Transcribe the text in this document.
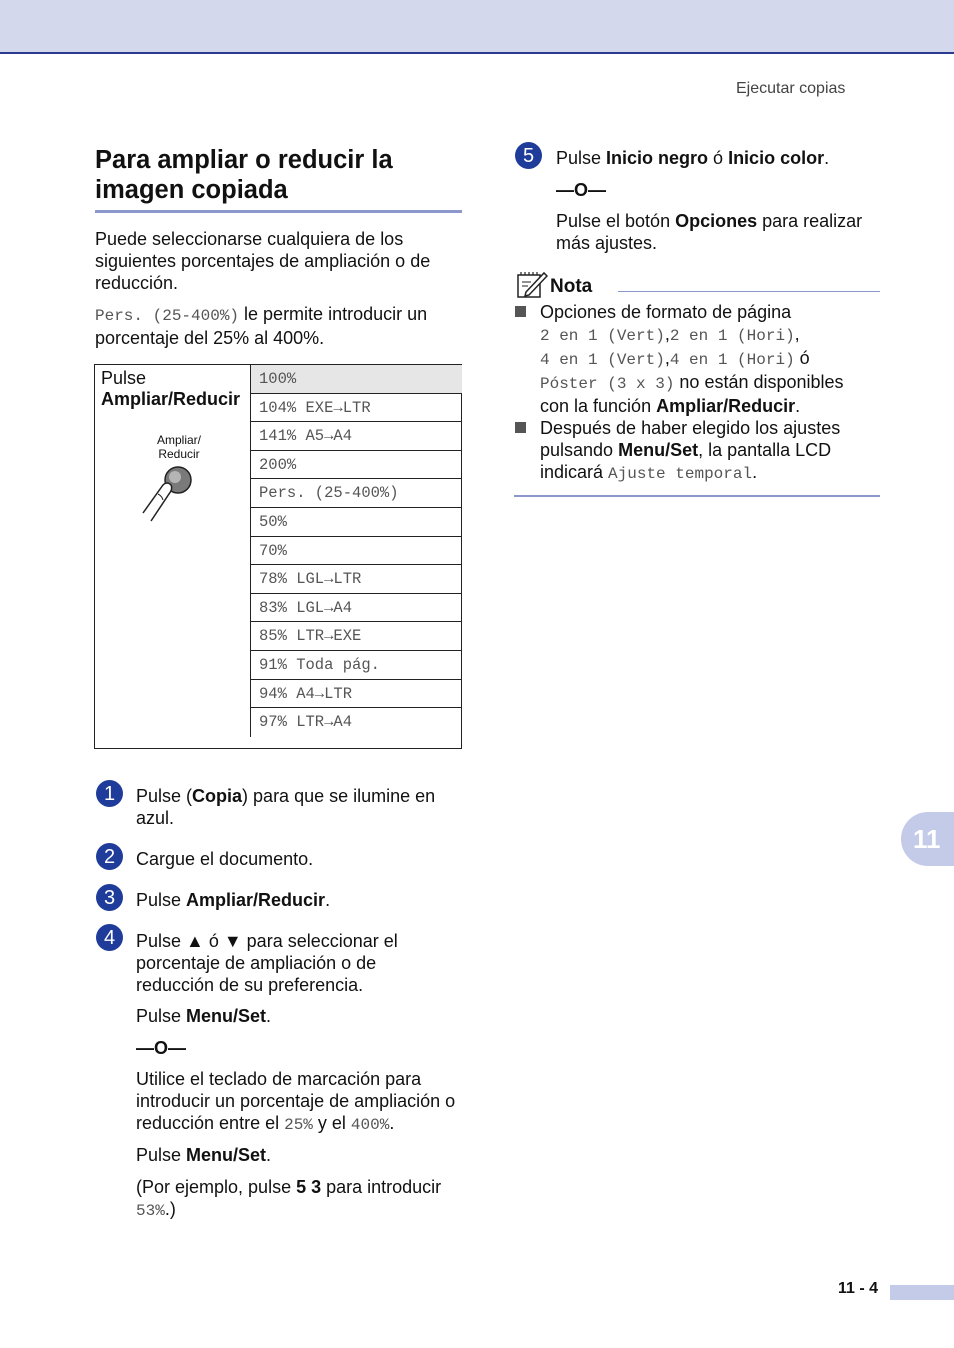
Ejecutar copias
Para ampliar o reducir la imagen copiada
Puede seleccionarse cualquiera de los siguientes porcentajes de ampliación o de reducción.
Pers. (25-400%) le permite introducir un porcentaje del 25% al 400%.
Pulse
Ampliar/Reducir
Ampliar/
Reducir
100%
104% EXE→LTR
141% A5→A4
200%
Pers. (25-400%)
50%
70%
78% LGL→LTR
83% LGL→A4
85% LTR→EXE
91% Toda pág.
94% A4→LTR
97% LTR→A4
1	Pulse (Copia) para que se ilumine en azul.
2	Cargue el documento.
3	Pulse Ampliar/Reducir.
4	Pulse ▲ ó ▼ para seleccionar el porcentaje de ampliación o de reducción de su preferencia.
Pulse Menu/Set.
—O—
Utilice el teclado de marcación para introducir un porcentaje de ampliación o reducción entre el 25% y el 400%.
Pulse Menu/Set.
(Por ejemplo, pulse 5 3 para introducir 53%.)
5	Pulse Inicio negro ó Inicio color.
—O—
Pulse el botón Opciones para realizar más ajustes.
Nota
Opciones de formato de página
2 en 1 (Vert),2 en 1 (Hori),
4 en 1 (Vert),4 en 1 (Hori) ó
Póster (3 x 3) no están disponibles con la función Ampliar/Reducir.
Después de haber elegido los ajustes pulsando Menu/Set, la pantalla LCD indicará Ajuste temporal.
11
11 - 4
